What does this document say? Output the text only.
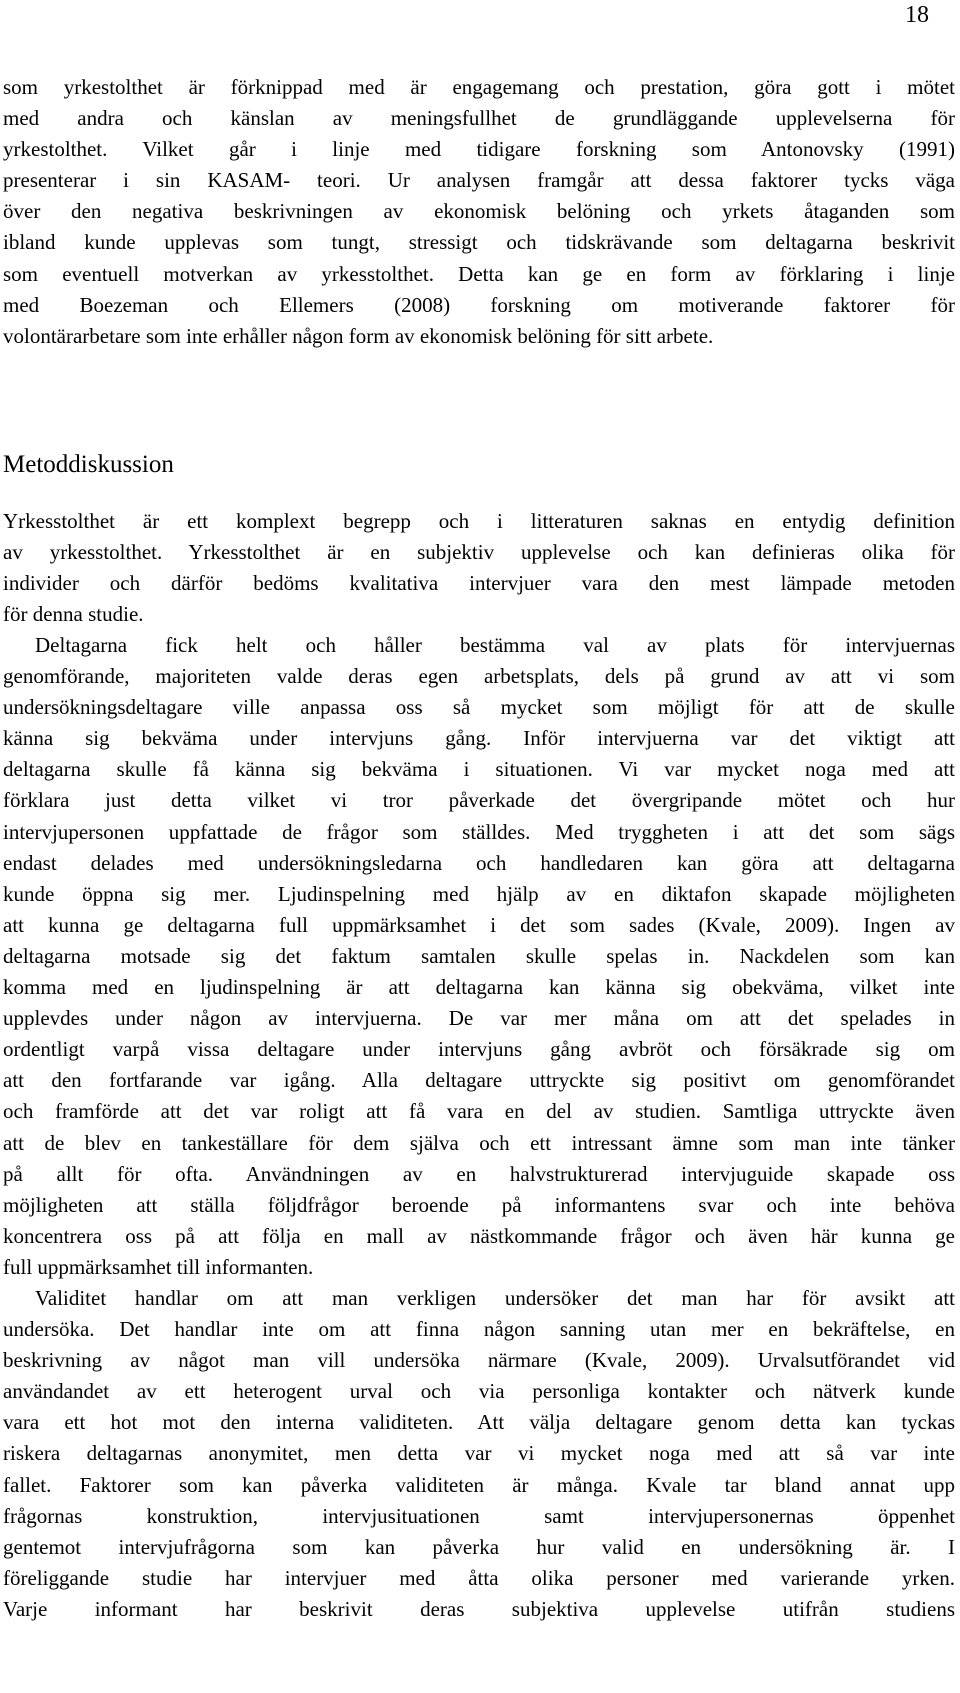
18
som yrkestolthet är förknippad med är engagemang och prestation, göra gott i mötet
med andra och känslan av meningsfullhet de grundläggande upplevelserna för
yrkestolthet. Vilket går i linje med tidigare forskning som Antonovsky (1991)
presenterar i sin KASAM- teori. Ur analysen framgår att dessa faktorer tycks väga
över den negativa beskrivningen av ekonomisk belöning och yrkets åtaganden som
ibland kunde upplevas som tungt, stressigt och tidskrävande som deltagarna beskrivit
som eventuell motverkan av yrkesstolthet. Detta kan ge en form av förklaring i linje
med Boezeman och Ellemers (2008) forskning om motiverande faktorer för
volontärarbetare som inte erhåller någon form av ekonomisk belöning för sitt arbete.
Metoddiskussion
Yrkesstolthet är ett komplext begrepp och i litteraturen saknas en entydig definition
av yrkesstolthet. Yrkesstolthet är en subjektiv upplevelse och kan definieras olika för
individer och därför bedöms kvalitativa intervjuer vara den mest lämpade metoden
för denna studie.
Deltagarna fick helt och håller bestämma val av plats för intervjuernas
genomförande, majoriteten valde deras egen arbetsplats, dels på grund av att vi som
undersökningsdeltagare ville anpassa oss så mycket som möjligt för att de skulle
känna sig bekväma under intervjuns gång. Inför intervjuerna var det viktigt att
deltagarna skulle få känna sig bekväma i situationen. Vi var mycket noga med att
förklara just detta vilket vi tror påverkade det övergripande mötet och hur
intervjupersonen uppfattade de frågor som ställdes. Med tryggheten i att det som sägs
endast delades med undersökningsledarna och handledaren kan göra att deltagarna
kunde öppna sig mer. Ljudinspelning med hjälp av en diktafon skapade möjligheten
att kunna ge deltagarna full uppmärksamhet i det som sades (Kvale, 2009). Ingen av
deltagarna motsade sig det faktum samtalen skulle spelas in. Nackdelen som kan
komma med en ljudinspelning är att deltagarna kan känna sig obekväma, vilket inte
upplevdes under någon av intervjuerna. De var mer måna om att det spelades in
ordentligt varpå vissa deltagare under intervjuns gång avbröt och försäkrade sig om
att den fortfarande var igång. Alla deltagare uttryckte sig positivt om genomförandet
och framförde att det var roligt att få vara en del av studien. Samtliga uttryckte även
att de blev en tankeställare för dem själva och ett intressant ämne som man inte tänker
på allt för ofta. Användningen av en halvstrukturerad intervjuguide skapade oss
möjligheten att ställa följdfrågor beroende på informantens svar och inte behöva
koncentrera oss på att följa en mall av nästkommande frågor och även här kunna ge
full uppmärksamhet till informanten.
Validitet handlar om att man verkligen undersöker det man har för avsikt att
undersöka. Det handlar inte om att finna någon sanning utan mer en bekräftelse, en
beskrivning av något man vill undersöka närmare (Kvale, 2009). Urvalsutförandet vid
användandet av ett heterogent urval och via personliga kontakter och nätverk kunde
vara ett hot mot den interna validiteten. Att välja deltagare genom detta kan tyckas
riskera deltagarnas anonymitet, men detta var vi mycket noga med att så var inte
fallet. Faktorer som kan påverka validiteten är många. Kvale tar bland annat upp
frågornas konstruktion, intervjusituationen samt intervjupersonernas öppenhet
gentemot intervjufrågorna som kan påverka hur valid en undersökning är. I
föreliggande studie har intervjuer med åtta olika personer med varierande yrken.
Varje informant har beskrivit deras subjektiva upplevelse utifrån studiens
